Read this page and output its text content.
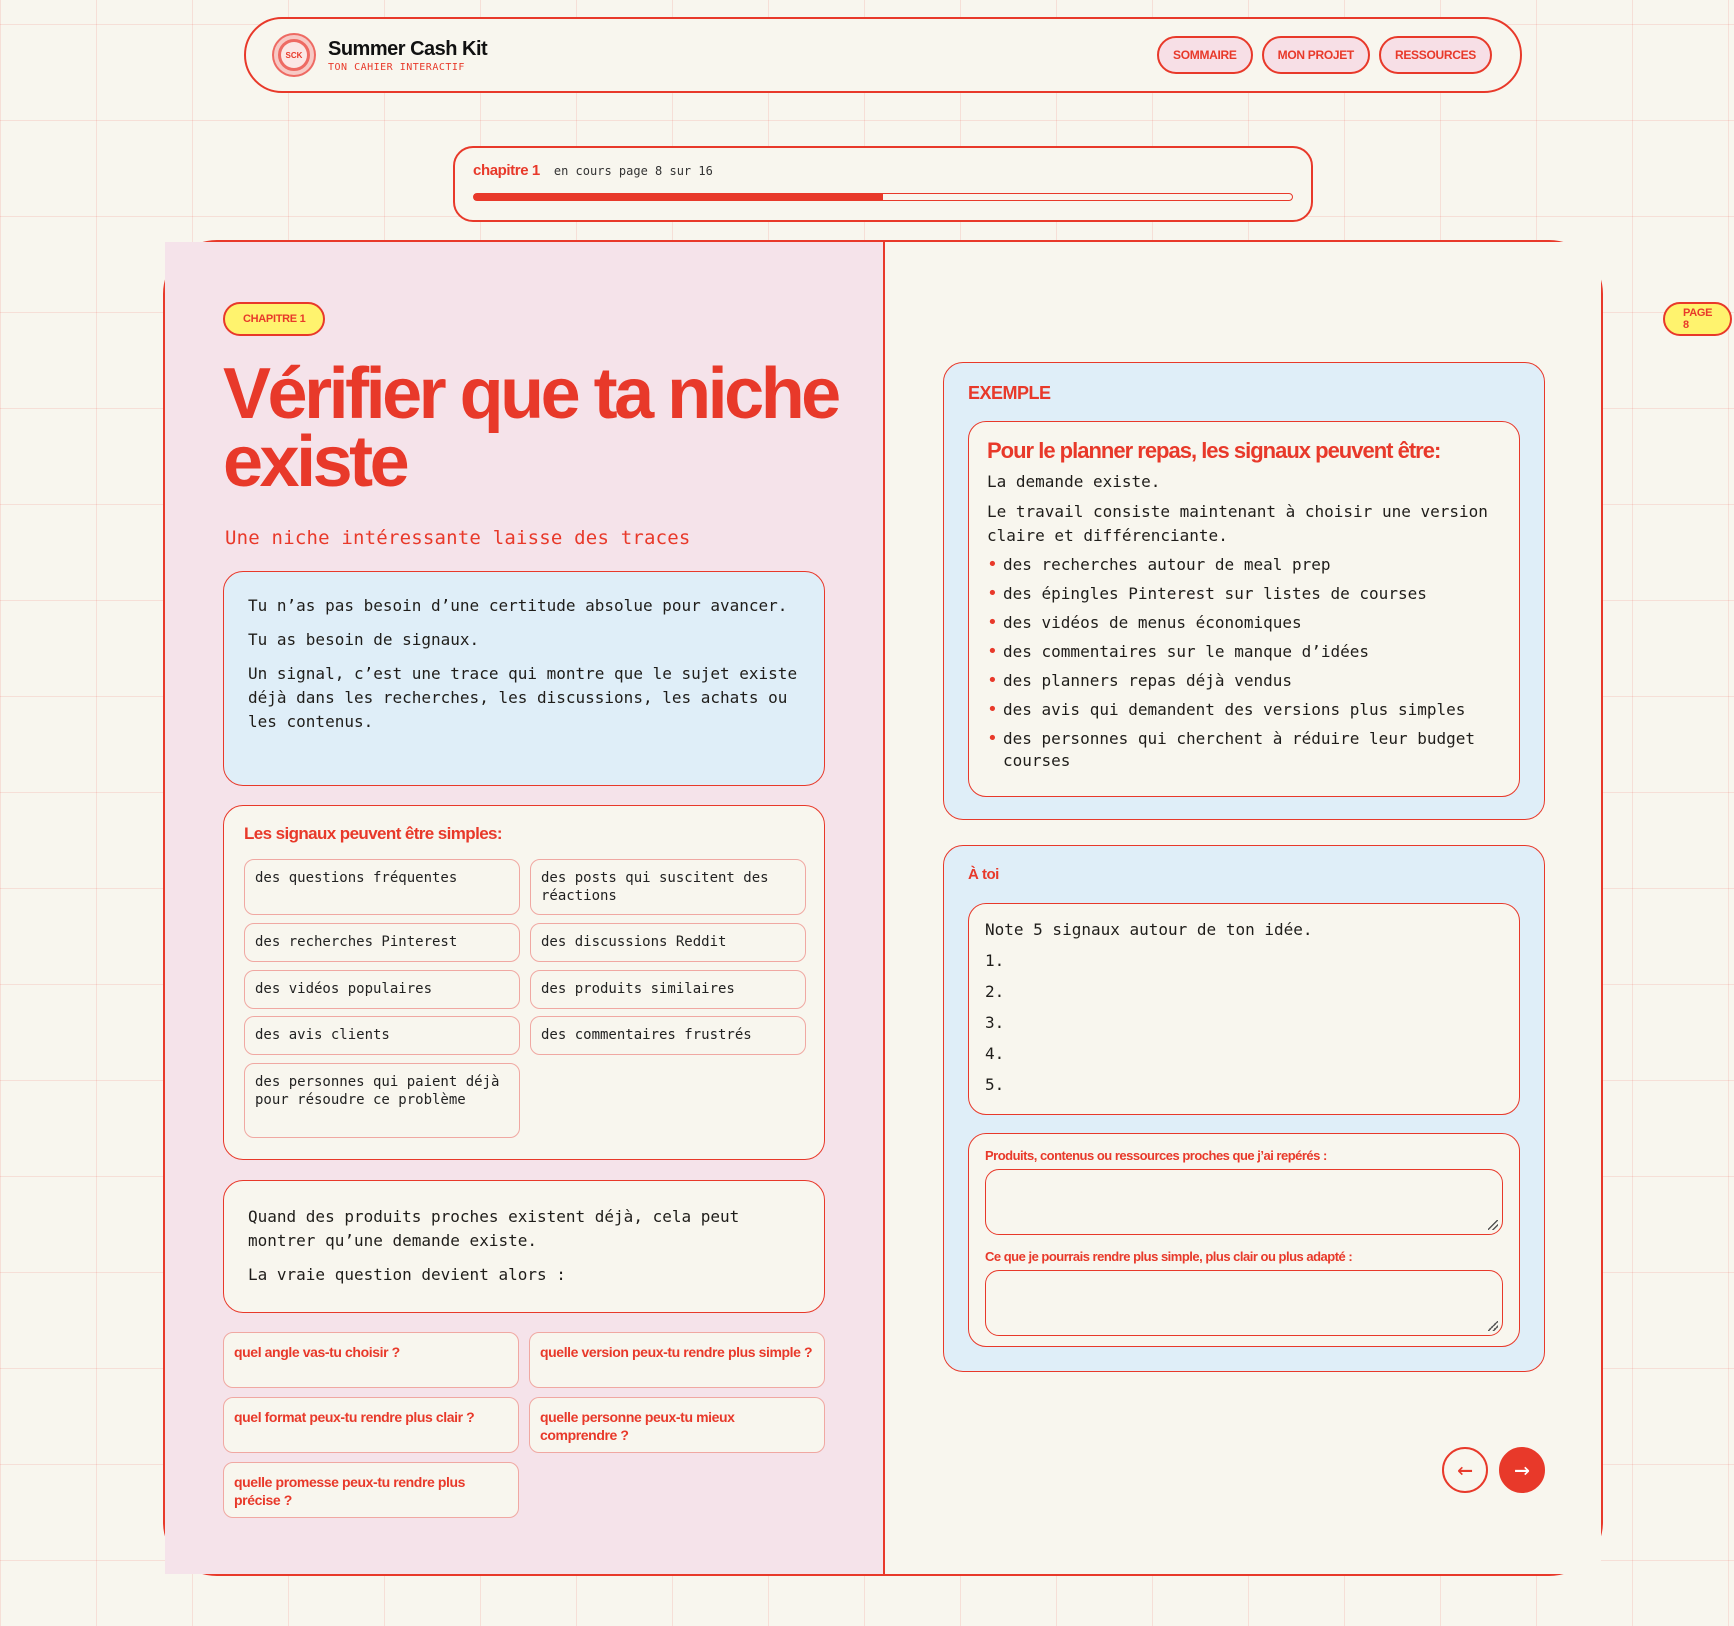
SCK Summer Cash Kit
TON CAHIER INTERACTIF
SOMMAIRE	MON PROJET	RESSOURCES
chapitre 1 en cours page 8 sur 16
CHAPITRE 1
Vérifier que ta niche existe
Une niche intéressante laisse des traces

Tu n’as pas besoin d’une certitude absolue pour avancer.

Tu as besoin de signaux.

Un signal, c’est une trace qui montre que le sujet existe déjà dans les recherches, les discussions, les achats ou les contenus.

Les signaux peuvent être simples:
des questions fréquentes	des posts qui suscitent des réactions
des recherches Pinterest	des discussions Reddit
des vidéos populaires	des produits similaires
des avis clients	des commentaires frustrés
des personnes qui paient déjà pour résoudre ce problème

Quand des produits proches existent déjà, cela peut montrer qu’une demande existe.

La vraie question devient alors :

quel angle vas-tu choisir ?	quelle version peux-tu rendre plus simple ?
quel format peux-tu rendre plus clair ?	quelle personne peux-tu mieux comprendre ?
quelle promesse peux-tu rendre plus précise ?
PAGE 8
EXEMPLE
Pour le planner repas, les signaux peuvent être:

La demande existe.

Le travail consiste maintenant à choisir une version claire et différenciante.

• des recherches autour de meal prep
• des épingles Pinterest sur listes de courses
• des vidéos de menus économiques
• des commentaires sur le manque d’idées
• des planners repas déjà vendus
• des avis qui demandent des versions plus simples
• des personnes qui cherchent à réduire leur budget courses
À toi
Note 5 signaux autour de ton idée.
1.
2.
3.
4.
5.
Produits, contenus ou ressources proches que j’ai repérés :
Ce que je pourrais rendre plus simple, plus clair ou plus adapté :
←	→
